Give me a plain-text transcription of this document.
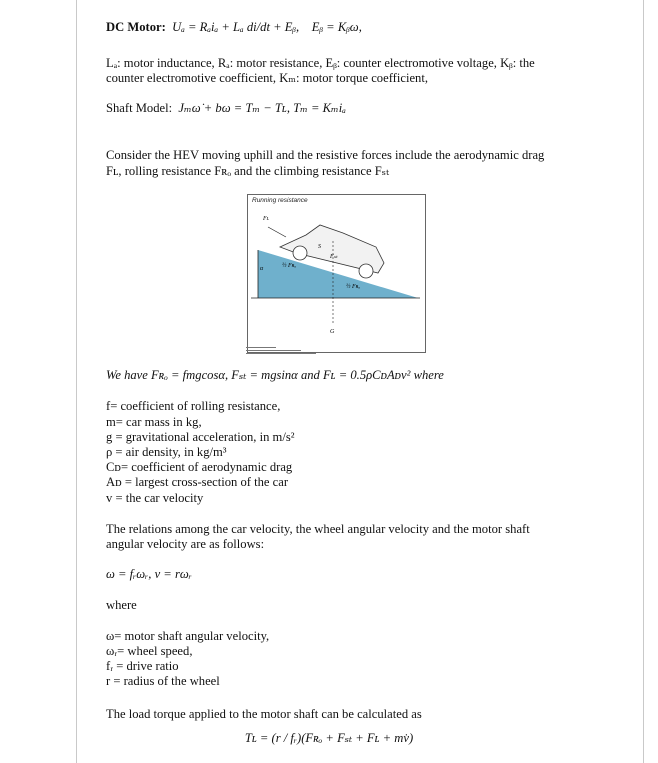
DC Motor: Uₐ = Rₐiₐ + Lₐ di/dt + Eᵦ, Eᵦ = Kᵦω,
Lₐ: motor inductance, Rₐ: motor resistance, Eᵦ: counter electromotive voltage, Kᵦ: the
counter electromotive coefficient, Kₘ: motor torque coefficient,
Shaft Model: Jₘω̇ + bω = Tₘ − Tʟ, Tₘ = Kₘiₐ
Consider the HEV moving uphill and the resistive forces include the aerodynamic drag
Fʟ, rolling resistance Fʀₒ and the climbing resistance Fₛₜ
Running resistance
Fʟ
½ Fʀₒ
½ Fʀₒ
S
Fₛₜ
α
G
We have Fʀₒ = fmgcosα, Fₛₜ = mgsinα and Fʟ = 0.5ρCᴅAᴅv² where
f= coefficient of rolling resistance,
m= car mass in kg,
g = gravitational acceleration, in m/s²
ρ = air density, in kg/m³
Cᴅ= coefficient of aerodynamic drag
Aᴅ = largest cross-section of the car
v = the car velocity
The relations among the car velocity, the wheel angular velocity and the motor shaft
angular velocity are as follows:
ω = fᵣωᵣ, v = rωᵣ
where
ω= motor shaft angular velocity,
ωᵣ= wheel speed,
fᵣ = drive ratio
r = radius of the wheel
The load torque applied to the motor shaft can be calculated as
Tʟ = (r / fᵣ)(Fʀₒ + Fₛₜ + Fʟ + mv̇)
